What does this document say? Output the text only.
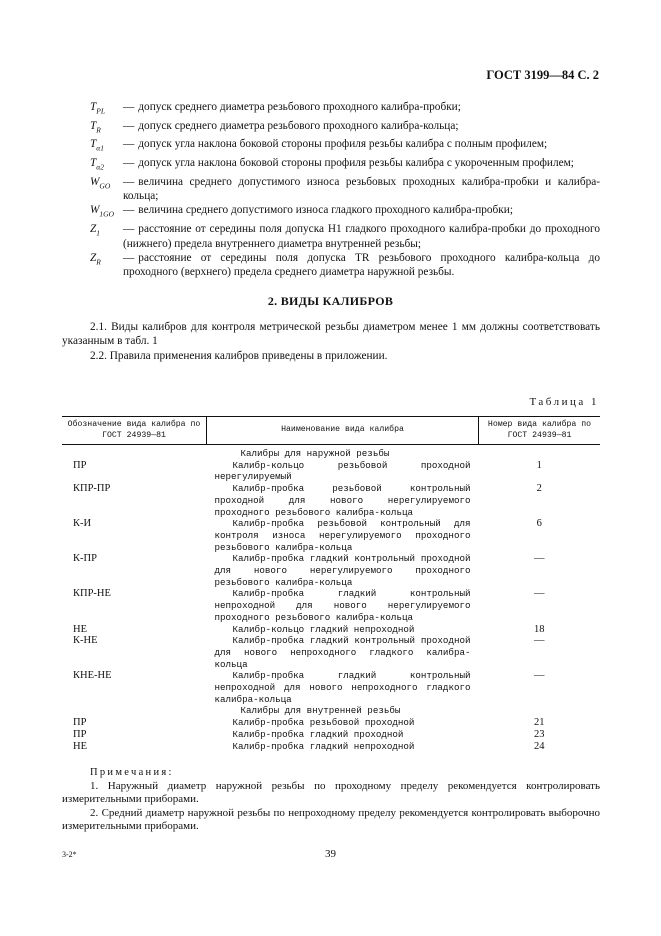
ГОСТ 3199—84 С. 2
$T_{PL}$	— допуск среднего диаметра резьбового проходного калибра-пробки;
$T_R$	— допуск среднего диаметра резьбового проходного калибра-кольца;
$T_{\alpha 1}$	— допуск угла наклона боковой стороны профиля резьбы калибра с полным профилем;
$T_{\alpha 2}$	— допуск угла наклона боковой стороны профиля резьбы калибра с укороченным профилем;
$W_{GO}$	— величина среднего допустимого износа резьбовых проходных калибра-пробки и калибра-кольца;
$W_{1GO}$ — величина среднего допустимого износа гладкого проходного калибра-пробки;
$Z_1$	— расстояние от середины поля допуска H1 гладкого проходного калибра-пробки до проходного (нижнего) предела внутреннего диаметра внутренней резьбы;
$Z_R$	— расстояние от середины поля допуска TR резьбового проходного калибра-кольца до проходного (верхнего) предела среднего диаметра наружной резьбы.
2. ВИДЫ КАЛИБРОВ
2.1. Виды калибров для контроля метрической резьбы диаметром менее 1 мм должны соответствовать указанным в табл. 1
2.2. Правила применения калибров приведены в приложении.
Таблица 1
Обозначение вида калибра по ГОСТ 24939—81	Наименование вида калибра	Номер вида калибра по ГОСТ 24939—81
	Калибры для наружной резьбы	
ПР	Калибр-кольцо резьбовой проходной нерегулируемый	1
КПР-ПР	Калибр-пробка резьбовой контрольный проходной для нового нерегулируемого проходного резьбового калибра-кольца	2
К-И	Калибр-пробка резьбовой контрольный для контроля износа нерегулируемого проходного резьбового калибра-кольца	6
К-ПР	Калибр-пробка гладкий контрольный проходной для нового нерегулируемого проходного резьбового калибра-кольца	—
КПР-НЕ	Калибр-пробка гладкий контрольный непроходной для нового нерегулируемого проходного резьбового калибра-кольца	—
НЕ	Калибр-кольцо гладкий непроходной	18
К-НЕ	Калибр-пробка гладкий контрольный проходной для нового непроходного гладкого калибра-кольца	—
КНЕ-НЕ	Калибр-пробка гладкий контрольный непроходной для нового непроходного гладкого калибра-кольца	—
	Калибры для внутренней резьбы	
ПР	Калибр-пробка резьбовой проходной	21
ПР	Калибр-пробка гладкий проходной	23
НЕ	Калибр-пробка гладкий непроходной	24
Примечания:
1. Наружный диаметр наружной резьбы по проходному пределу рекомендуется контролировать измерительными приборами.
2. Средний диаметр наружной резьбы по непроходному пределу рекомендуется контролировать выборочно измерительными приборами.
3-2*	39
